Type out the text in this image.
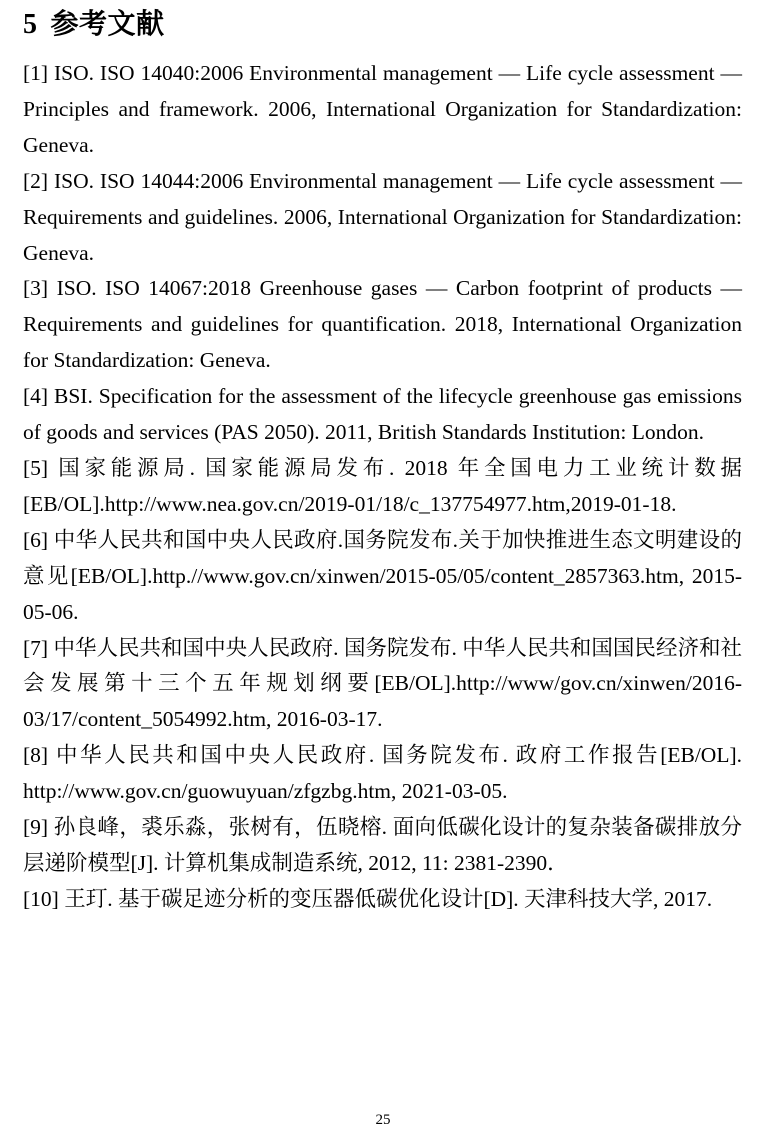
5 参考文献

[1] ISO. ISO 14040:2006 Environmental management — Life cycle assessment — Principles and framework. 2006, International Organization for Standardization: Geneva.

[2] ISO. ISO 14044:2006 Environmental management — Life cycle assessment — Requirements and guidelines. 2006, International Organization for Standardization: Geneva.

[3] ISO. ISO 14067:2018 Greenhouse gases — Carbon footprint of products — Requirements and guidelines for quantification. 2018, International Organization for Standardization: Geneva.

[4] BSI. Specification for the assessment of the lifecycle greenhouse gas emissions of goods and services (PAS 2050). 2011, British Standards Institution: London.

[5] 国家能源局. 国家能源局发布. 2018 年全国电力工业统计数据[EB/OL].http://www.nea.gov.cn/2019-01/18/c_137754977.htm,2019-01-18.

[6] 中华人民共和国中央人民政府.国务院发布.关于加快推进生态文明建设的意见[EB/OL].http.//www.gov.cn/xinwen/2015-05/05/content_2857363.htm, 2015-05-06.

[7] 中华人民共和国中央人民政府. 国务院发布. 中华人民共和国国民经济和社会发展第十三个五年规划纲要[EB/OL].http://www/gov.cn/xinwen/2016-03/17/content_5054992.htm, 2016-03-17.

[8] 中华人民共和国中央人民政府. 国务院发布. 政府工作报告[EB/OL]. http://www.gov.cn/guowuyuan/zfgzbg.htm, 2021-03-05.

[9] 孙良峰，裘乐淼，张树有，伍晓榕. 面向低碳化设计的复杂装备碳排放分层递阶模型[J]. 计算机集成制造系统, 2012, 11: 2381-2390．

[10] 王玎. 基于碳足迹分析的变压器低碳优化设计[D]. 天津科技大学, 2017.

25
